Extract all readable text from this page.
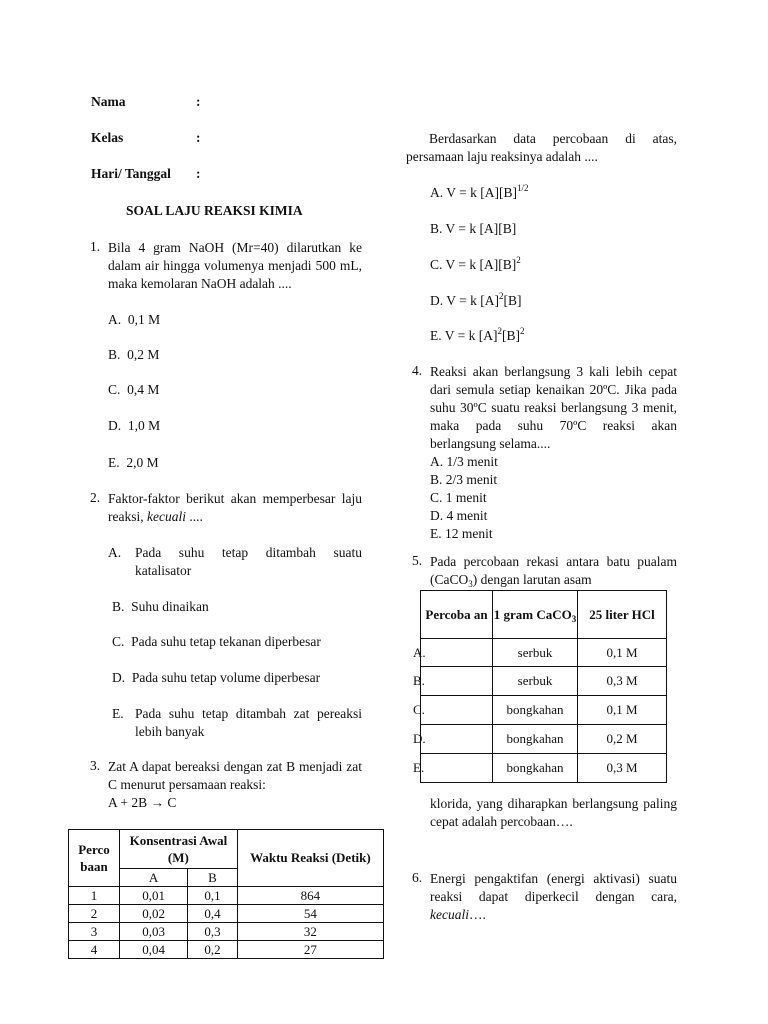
Nama	:
Kelas	:
Hari/ Tanggal :
SOAL LAJU REAKSI KIMIA
1. Bila 4 gram NaOH (Mr=40) dilarutkan ke dalam air hingga volumenya menjadi 500 mL, maka kemolaran NaOH adalah ....
A. 0,1 M
B. 0,2 M
C. 0,4 M
D. 1,0 M
E. 2,0 M
2. Faktor-faktor berikut akan memperbesar laju reaksi, kecuali ....
A. Pada suhu tetap ditambah suatu katalisator
B. Suhu dinaikan
C. Pada suhu tetap tekanan diperbesar
D. Pada suhu tetap volume diperbesar
E. Pada suhu tetap ditambah zat pereaksi lebih banyak
3. Zat A dapat bereaksi dengan zat B menjadi zat C menurut persamaan reaksi:
A + 2B → C
Perco baan	Konsentrasi Awal (M)		Waktu Reaksi (Detik)
	A	B	
1	0,01	0,1	864
2	0,02	0,4	54
3	0,03	0,3	32
4	0,04	0,2	27
Berdasarkan data percobaan di atas, persamaan laju reaksinya adalah ....
A. V = k $[A][B]^{1/2}$
B. V = k [A][B]
C. V = k $[A][B]^2$
D. V = k $[A]^2[B]$
E. V = k $[A]^2[B]^2$
4. Reaksi akan berlangsung 3 kali lebih cepat dari semula setiap kenaikan 20ºC. Jika pada suhu 30ºC suatu reaksi berlangsung 3 menit, maka pada suhu 70ºC reaksi akan berlangsung selama....
A. 1/3 menit
B. 2/3 menit
C. 1 menit
D. 4 menit
E. 12 menit
5. Pada percobaan rekasi antara batu pualam (CaCO$_3$) dengan larutan asam
Percoba an	1 gram CaCO$_3$	25 liter HCl
A.	serbuk	0,1 M
B.	serbuk	0,3 M
C.	bongkahan	0,1 M
D.	bongkahan	0,2 M
E.	bongkahan	0,3 M
klorida, yang diharapkan berlangsung paling cepat adalah percobaan….
6. Energi pengaktifan (energi aktivasi) suatu reaksi dapat diperkecil dengan cara, kecuali….
